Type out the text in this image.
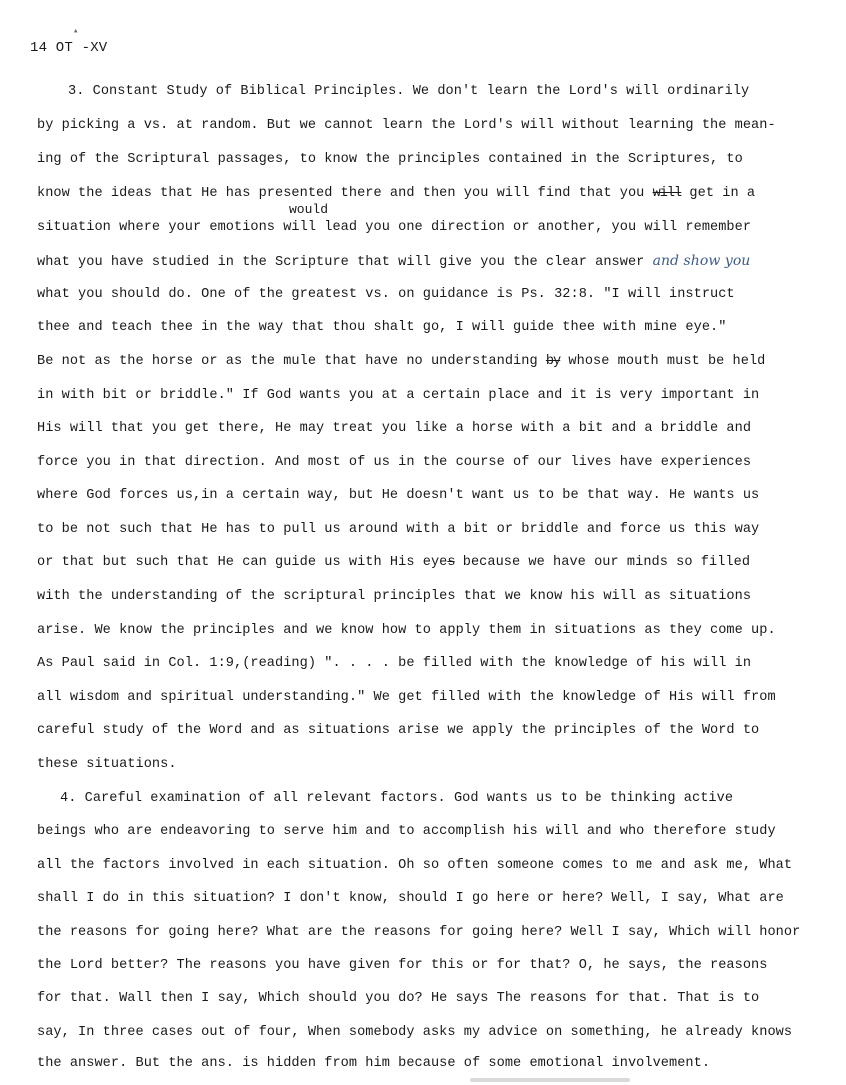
▴
14 OT -XV
3. Constant Study of Biblical Principles. We don't learn the Lord's will ordinarily
by picking a vs. at random. But we cannot learn the Lord's will without learning the mean-
ing of the Scriptural passages, to know the principles contained in the Scriptures, to
know the ideas that He has presented there and then you will find that you will get in a
would
situation where your emotions will lead you one direction or another, you will remember
what you have studied in the Scripture that will give you the clear answer and show you
what you should do. One of the greatest vs. on guidance is Ps. 32:8. "I will instruct
thee and teach thee in the way that thou shalt go, I will guide thee with mine eye."
Be not as the horse or as the mule that have no understanding by whose mouth must be held
in with bit or briddle." If God wants you at a certain place and it is very important in
His will that you get there, He may treat you like a horse with a bit and a briddle and
force you in that direction. And most of us in the course of our lives have experiences
where God forces us,in a certain way, but He doesn't want us to be that way. He wants us
to be not such that He has to pull us around with a bit or briddle and force us this way
or that but such that He can guide us with His eyes because we have our minds so filled
with the understanding of the scriptural principles that we know his will as situations
arise. We know the principles and we know how to apply them in situations as they come up.
As Paul said in Col. 1:9,(reading) ". . . . be filled with the knowledge of his will in
all wisdom and spiritual understanding." We get filled with the knowledge of His will from
careful study of the Word and as situations arise we apply the principles of the Word to
these situations.
4. Careful examination of all relevant factors. God wants us to be thinking active
beings who are endeavoring to serve him and to accomplish his will and who therefore study
all the factors involved in each situation. Oh so often someone comes to me and ask me, What
shall I do in this situation? I don't know, should I go here or here? Well, I say, What are
the reasons for going here? What are the reasons for going here? Well I say, Which will honor
the Lord better? The reasons you have given for this or for that? O, he says, the reasons
for that. Wall then I say, Which should you do? He says The reasons for that. That is to
say, In three cases out of four, When somebody asks my advice on something, he already knows
the answer. But the ans. is hidden from him because of some emotional involvement.
